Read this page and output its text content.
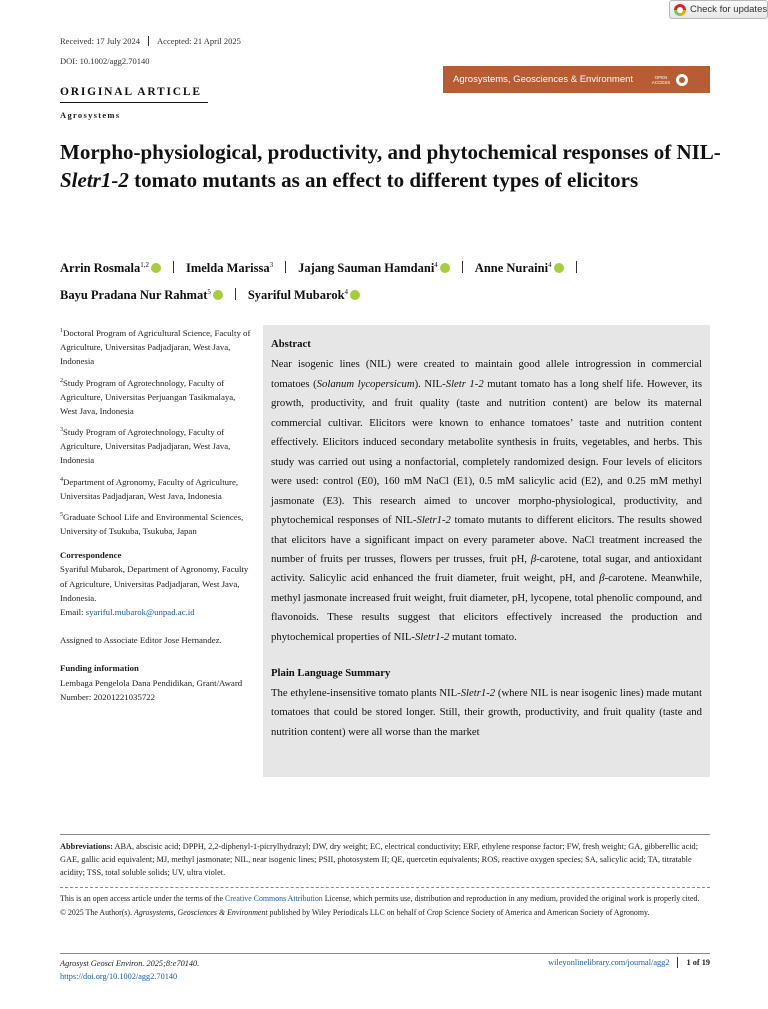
Check for updates
Received: 17 July 2024 Accepted: 21 April 2025
DOI: 10.1002/agg2.70140
Agrosystems, Geosciences & Environment	OPEN ACCESS
ORIGINAL ARTICLE
Agrosystems
Morpho-physiological, productivity, and phytochemical responses of NIL-Sletr1-2 tomato mutants as an effect to different types of elicitors
Arrin Rosmala$^{1,2}$	Imelda Marissa$^3$ Jajang Sauman Hamdani$^4$	Anne Nuraini$^4$
Bayu Pradana Nur Rahmat$^5$	Syariful Mubarok$^4$
$^1$Doctoral Program of Agricultural Science, Faculty of Agriculture, Universitas Padjadjaran, West Java, Indonesia
$^2$Study Program of Agrotechnology, Faculty of Agriculture, Universitas Perjuangan Tasikmalaya, West Java, Indonesia
$^3$Study Program of Agrotechnology, Faculty of Agriculture, Universitas Padjadjaran, West Java, Indonesia
$^4$Department of Agronomy, Faculty of Agriculture, Universitas Padjadjaran, West Java, Indonesia
$^5$Graduate School Life and Environmental Sciences, University of Tsukuba, Tsukuba, Japan
Correspondence
Syariful Mubarok, Department of Agronomy, Faculty of Agriculture, Universitas Padjadjaran, West Java, Indonesia.
Email: syariful.mubarok@unpad.ac.id
Assigned to Associate Editor Jose Hernandez.
Funding information
Lembaga Pengelola Dana Pendidikan, Grant/Award Number: 20201221035722
Abstract
Near isogenic lines (NIL) were created to maintain good allele introgression in commercial tomatoes (Solanum lycopersicum). NIL-Sletr 1-2 mutant tomato has a long shelf life. However, its growth, productivity, and fruit quality (taste and nutrition content) are below its maternal commercial cultivar. Elicitors were known to enhance tomatoes’ taste and nutrition content effectively. Elicitors induced secondary metabolite synthesis in fruits, vegetables, and herbs. This study was carried out using a nonfactorial, completely randomized design. Four levels of elicitors were used: control (E0), 160 mM NaCl (E1), 0.5 mM salicylic acid (E2), and 0.25 mM methyl jasmonate (E3). This research aimed to uncover morpho-physiological, productivity, and phytochemical responses of NIL-Sletr1-2 tomato mutants to different elicitors. The results showed that elicitors have a significant impact on every parameter above. NaCl treatment increased the number of fruits per trusses, flowers per trusses, fruit pH, β-carotene, total sugar, and antioxidant activity. Salicylic acid enhanced the fruit diameter, fruit weight, pH, and β-carotene. Meanwhile, methyl jasmonate increased fruit weight, fruit diameter, pH, lycopene, total phenolic compound, and flavonoids. These results suggest that elicitors effectively increased the production and phytochemical properties of NIL-Sletr1-2 mutant tomato.
Plain Language Summary
The ethylene-insensitive tomato plants NIL-Sletr1-2 (where NIL is near isogenic lines) made mutant tomatoes that could be stored longer. Still, their growth, productivity, and fruit quality (taste and nutrition content) were all worse than the market
Abbreviations: ABA, abscisic acid; DPPH, 2,2-diphenyl-1-picrylhydrazyl; DW, dry weight; EC, electrical conductivity; ERF, ethylene response factor; FW, fresh weight; GA, gibberellic acid; GAE, gallic acid equivalent; MJ, methyl jasmonate; NIL, near isogenic lines; PSII, photosystem II; QE, quercetin equivalents; ROS, reactive oxygen species; SA, salicylic acid; TA, titratable acidity; TSS, total soluble solids; UV, ultra violet.
This is an open access article under the terms of the Creative Commons Attribution License, which permits use, distribution and reproduction in any medium, provided the original work is properly cited.
© 2025 The Author(s). Agrosystems, Geosciences & Environment published by Wiley Periodicals LLC on behalf of Crop Science Society of America and American Society of Agronomy.
Agrosyst Geosci Environ. 2025;8:e70140.
https://doi.org/10.1002/agg2.70140
wileyonlinelibrary.com/journal/agg2 1 of 19
